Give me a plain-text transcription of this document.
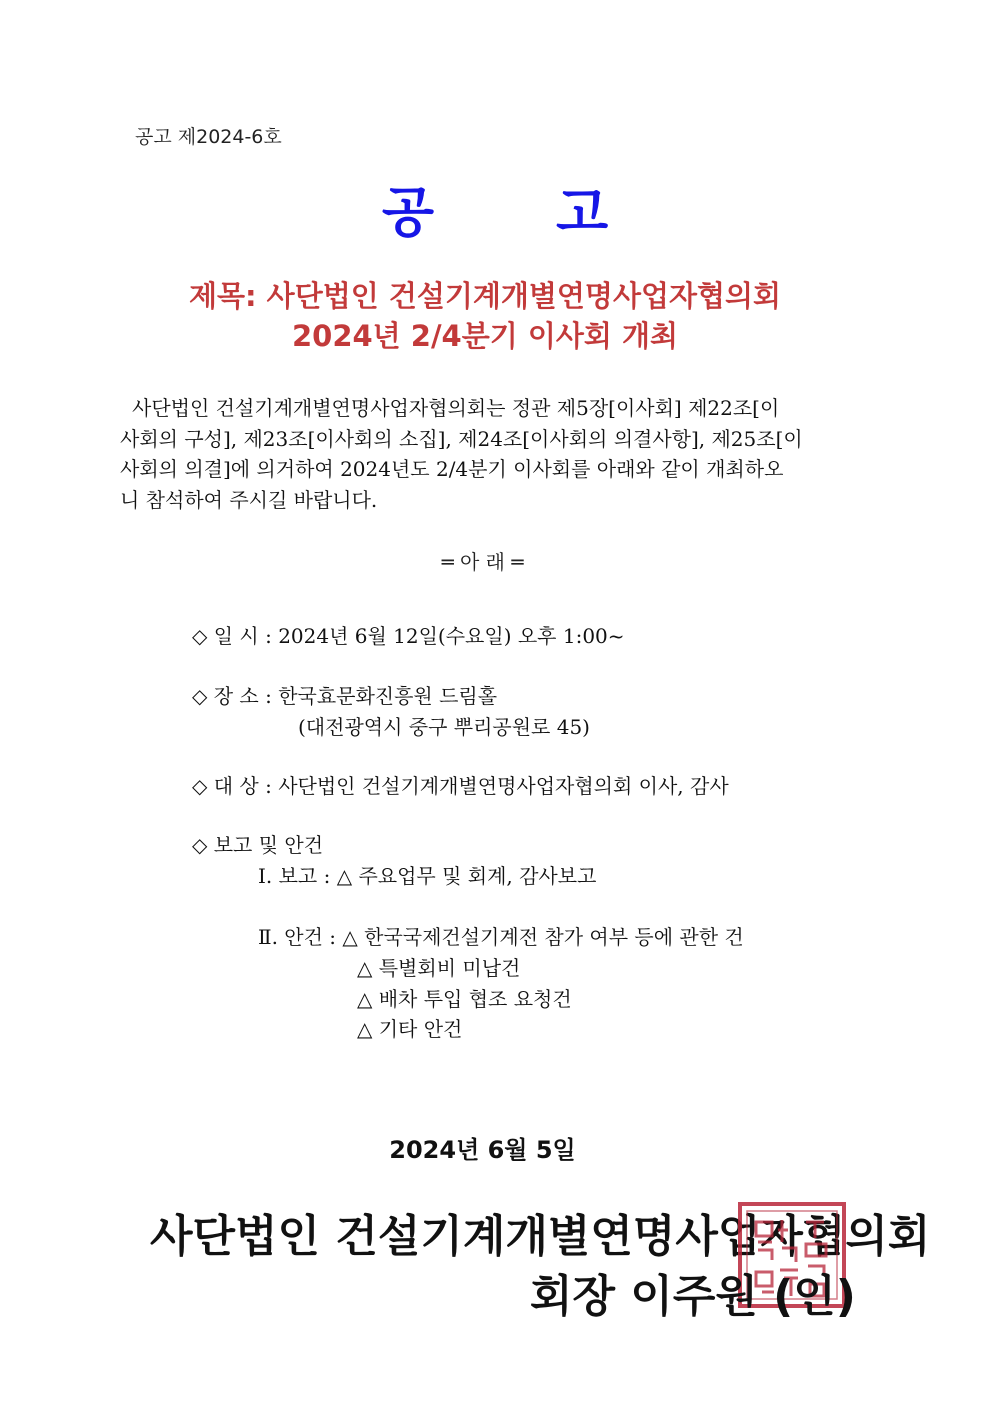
공고 제2024-6호
공 고
제목: 사단법인 건설기계개별연명사업자협의회
2024년 2/4분기 이사회 개최
사단법인 건설기계개별연명사업자협의회는 정관 제5장[이사회] 제22조[이
사회의 구성], 제23조[이사회의 소집], 제24조[이사회의 의결사항], 제25조[이
사회의 의결]에 의거하여 2024년도 2/4분기 이사회를 아래와 같이 개최하오
니 참석하여 주시길 바랍니다.
═ 아 래 ═
◇ 일 시 : 2024년 6월 12일(수요일) 오후 1:00~
◇ 장 소 : 한국효문화진흥원 드림홀
(대전광역시 중구 뿌리공원로 45)
◇ 대 상 : 사단법인 건설기계개별연명사업자협의회 이사, 감사
◇ 보고 및 안건
Ⅰ. 보고 : △ 주요업무 및 회계, 감사보고
Ⅱ. 안건 : △ 한국국제건설기계전 참가 여부 등에 관한 건
△ 특별회비 미납건
△ 배차 투입 협조 요청건
△ 기타 안건
2024년 6월 5일
사단법인 건설기계개별연명사업자협의회
회장 이주원 (인)
